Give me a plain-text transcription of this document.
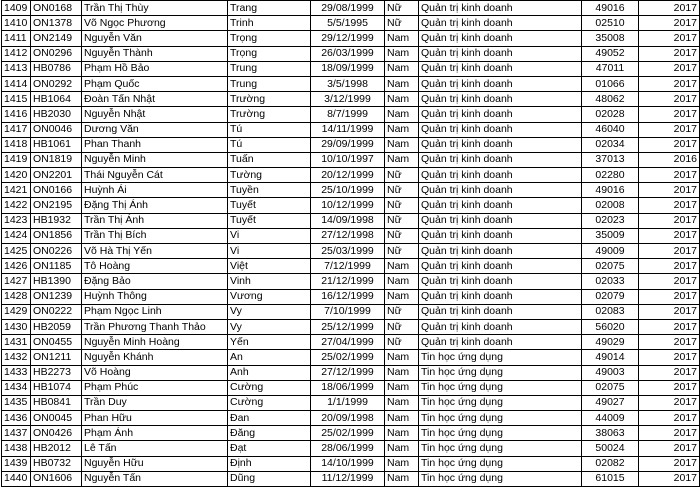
1409	ON0168	Trần Thị Thùy	Trang	29/08/1999	Nữ	Quản trị kinh doanh	49016	2017
1410	ON1378	Võ Ngọc Phương	Trinh	5/5/1995	Nữ	Quản trị kinh doanh	02510	2017
1411	ON2149	Nguyễn Văn	Trọng	29/12/1999	Nam	Quản trị kinh doanh	35008	2017
1412	ON0296	Nguyễn Thành	Trọng	26/03/1999	Nam	Quản trị kinh doanh	49052	2017
1413	HB0786	Phạm Hồ Bảo	Trung	18/09/1999	Nam	Quản trị kinh doanh	47011	2017
1414	ON0292	Phạm Quốc	Trung	3/5/1998	Nam	Quản trị kinh doanh	01066	2017
1415	HB1064	Đoàn Tấn Nhật	Trường	3/12/1999	Nam	Quản trị kinh doanh	48062	2017
1416	HB2030	Nguyễn Nhật	Trường	8/7/1999	Nam	Quản trị kinh doanh	02028	2017
1417	ON0046	Dương Văn	Tú	14/11/1999	Nam	Quản trị kinh doanh	46040	2017
1418	HB1061	Phan Thanh	Tú	29/09/1999	Nam	Quản trị kinh doanh	02034	2017
1419	ON1819	Nguyễn Minh	Tuấn	10/10/1997	Nam	Quản trị kinh doanh	37013	2016
1420	ON2201	Thái Nguyễn Cát	Tường	20/12/1999	Nữ	Quản trị kinh doanh	02280	2017
1421	ON0166	Huỳnh Ái	Tuyền	25/10/1999	Nữ	Quản trị kinh doanh	49016	2017
1422	ON2195	Đặng Thị Ánh	Tuyết	10/12/1999	Nữ	Quản trị kinh doanh	02008	2017
1423	HB1932	Trần Thị Ánh	Tuyết	14/09/1998	Nữ	Quản trị kinh doanh	02023	2017
1424	ON1856	Trần Thị Bích	Vi	27/12/1998	Nữ	Quản trị kinh doanh	35009	2017
1425	ON0226	Võ Hà Thị Yến	Vi	25/03/1999	Nữ	Quản trị kinh doanh	49009	2017
1426	ON1185	Tô Hoàng	Việt	7/12/1999	Nam	Quản trị kinh doanh	02075	2017
1427	HB1390	Đặng Bảo	Vinh	21/12/1999	Nam	Quản trị kinh doanh	02033	2017
1428	ON1239	Huỳnh Thông	Vương	16/12/1999	Nam	Quản trị kinh doanh	02079	2017
1429	ON0222	Phạm Ngọc Linh	Vy	7/10/1999	Nữ	Quản trị kinh doanh	02083	2017
1430	HB2059	Trần Phương Thanh Thảo	Vy	25/12/1999	Nữ	Quản trị kinh doanh	56020	2017
1431	ON0455	Nguyễn Minh Hoàng	Yến	27/04/1999	Nữ	Quản trị kinh doanh	49029	2017
1432	ON1211	Nguyễn Khánh	An	25/02/1999	Nam	Tin học ứng dụng	49014	2017
1433	HB2273	Võ Hoàng	Anh	27/12/1999	Nam	Tin học ứng dụng	49003	2017
1434	HB1074	Phạm Phúc	Cường	18/06/1999	Nam	Tin học ứng dụng	02075	2017
1435	HB0841	Trần Duy	Cường	1/1/1999	Nam	Tin học ứng dụng	49027	2017
1436	ON0045	Phan Hữu	Đan	20/09/1998	Nam	Tin học ứng dụng	44009	2017
1437	ON0426	Phạm Ánh	Đăng	25/02/1999	Nam	Tin học ứng dụng	38063	2017
1438	HB2012	Lê Tấn	Đạt	28/06/1999	Nam	Tin học ứng dụng	50024	2017
1439	HB0732	Nguyễn Hữu	Định	14/10/1999	Nam	Tin học ứng dụng	02082	2017
1440	ON1606	Nguyễn Tấn	Dũng	11/12/1999	Nam	Tin học ứng dụng	61015	2017
